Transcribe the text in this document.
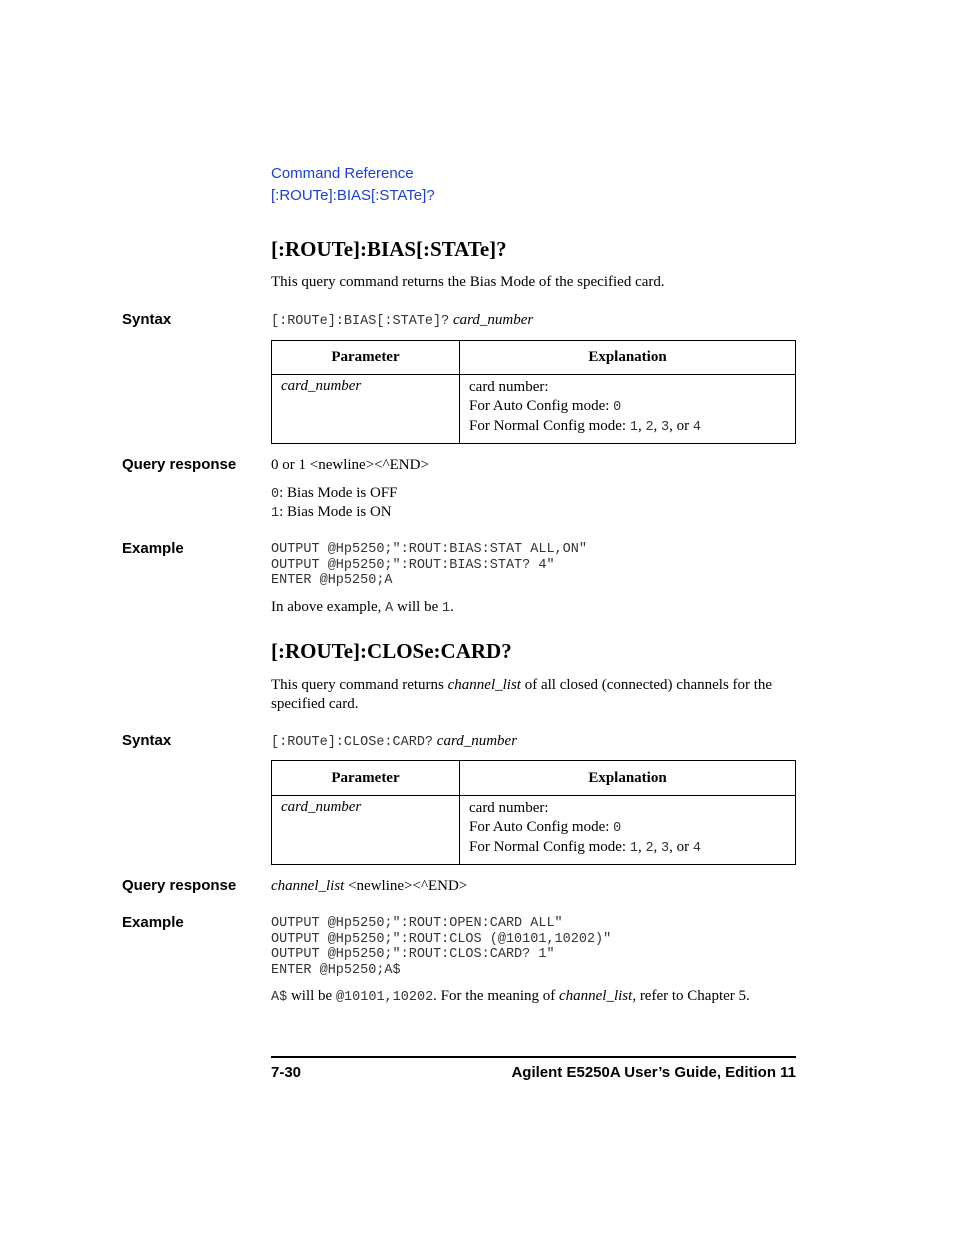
Command Reference
[:ROUTe]:BIAS[:STATe]?
[:ROUTe]:BIAS[:STATe]?
This query command returns the Bias Mode of the specified card.
Syntax	[:ROUTe]:BIAS[:STATe]? card_number
Parameter	Explanation
card_number	card number:
For Auto Config mode: 0
For Normal Config mode: 1, 2, 3, or 4
Query response 0 or 1 <newline><^END>
0: Bias Mode is OFF
1: Bias Mode is ON
Example	OUTPUT @Hp5250;":ROUT:BIAS:STAT ALL,ON"
OUTPUT @Hp5250;":ROUT:BIAS:STAT? 4"
ENTER @Hp5250;A
In above example, A will be 1.
[:ROUTe]:CLOSe:CARD?
This query command returns channel_list of all closed (connected) channels for the specified card.
Syntax	[:ROUTe]:CLOSe:CARD? card_number
Parameter	Explanation
card_number	card number:
For Auto Config mode: 0
For Normal Config mode: 1, 2, 3, or 4
Query response channel_list <newline><^END>
Example	OUTPUT @Hp5250;":ROUT:OPEN:CARD ALL"
OUTPUT @Hp5250;":ROUT:CLOS (@10101,10202)"
OUTPUT @Hp5250;":ROUT:CLOS:CARD? 1"
ENTER @Hp5250;A$
A$ will be @10101,10202. For the meaning of channel_list, refer to Chapter 5.
7-30	Agilent E5250A User’s Guide, Edition 11
